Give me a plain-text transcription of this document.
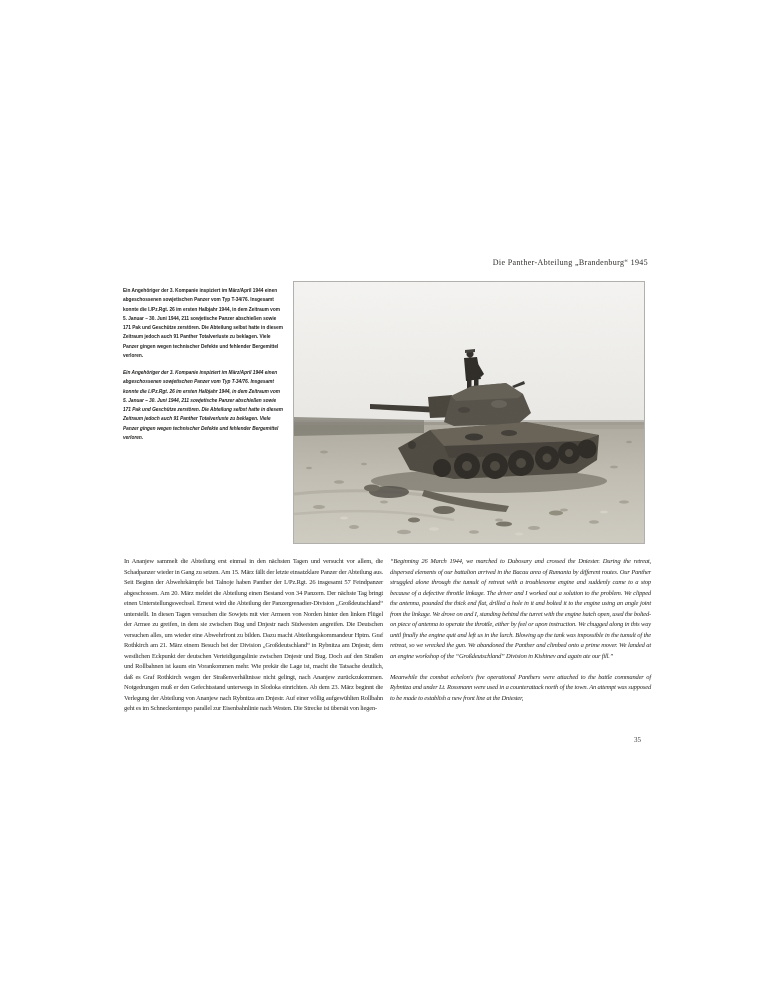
Die Panther-Abteilung „Brandenburg“ 1945
Ein Angehöriger der 3. Kompanie inspiziert im März/April 1944 einen abgeschossenen sowjetischen Panzer vom Typ T-34/76. Insgesamt konnte die I./Pz.Rgt. 26 im ersten Halbjahr 1944, in dem Zeitraum vom 5. Januar – 30. Juni 1944, 211 sowjetische Panzer abschießen sowie 171 Pak und Geschütze zerstören. Die Abteilung selbst hatte in diesem Zeitraum jedoch auch 91 Panther Totalverluste zu beklagen. Viele Panzer gingen wegen technischer Defekte und fehlender Bergemittel verloren.
Ein Angehöriger der 3. Kompanie inspiziert im März/April 1944 einen abgeschossenen sowjetischen Panzer vom Typ T-34/76. Insgesamt konnte die I./Pz.Rgt. 26 im ersten Halbjahr 1944, in dem Zeitraum vom 5. Januar – 30. Juni 1944, 211 sowjetische Panzer abschießen sowie 171 Pak und Geschütze zerstören. Die Abteilung selbst hatte in diesem Zeitraum jedoch auch 91 Panther Totalverluste zu beklagen. Viele Panzer gingen wegen technischer Defekte und fehlender Bergemittel verloren.

In Ananjew sammelt die Abteilung erst einmal in den nächsten Tagen und versucht vor allem, die Schadpanzer wieder in Gang zu setzen. Am 15. März fällt der letzte einsatzklare Panzer der Abteilung aus. Seit Beginn der Abwehrkämpfe bei Talnoje haben Panther der I./Pz.Rgt. 26 insgesamt 57 Feindpanzer abgeschossen. Am 20. März meldet die Abteilung einen Bestand von 34 Panzern. Der nächste Tag bringt einen Unterstellungswechsel. Erneut wird die Abteilung der Panzergrenadier-Division „Großdeutschland“ unterstellt. In diesen Tagen versuchen die Sowjets mit vier Armeen von Norden hinter den linken Flügel der Armee zu greifen, in dem sie zwischen Bug und Dnjestr nach Südwesten angreifen. Die Deutschen versuchen alles, um wieder eine Abwehrfront zu bilden. Dazu macht Abteilungskommandeur Hptm. Graf Rothkirch am 21. März einem Besuch bei der Division „Großdeutschland“ in Rybnitza am Dnjestr, dem westlichen Eckpunkt der deutschen Verteidigungslinie zwischen Dnjestr und Bug. Doch auf den Straßen und Rollbahnen ist kaum ein Vorankommen mehr. Wie prekär die Lage ist, macht die Tatsache deutlich, daß es Graf Rothkirch wegen der Straßenverhältnisse nicht gelingt, nach Ananjew zurückzukommen. Notgedrungen muß er den Gefechtsstand unterwegs in Slodoka einrichten. Ab dem 23. März beginnt die Verlegung der Abteilung von Ananjew nach Rybnitza am Dnjestr. Auf einer völlig aufgewühlten Rollbahn geht es im Schneckentempo parallel zur Eisenbahnlinie nach Westen. Die Strecke ist übersät von liegen-

“Beginning 26 March 1944, we marched to Dubosary and crossed the Dniester. During the retreat, dispersed elements of our battalion arrived in the Bacau area of Rumania by different routes. Our Panther struggled alone through the tumult of retreat with a troublesome engine and suddenly came to a stop because of a defective throttle linkage. The driver and I worked out a solution to the problem. We clipped the antenna, pounded the thick end flat, drilled a hole in it and bolted it to the engine using an angle joint from the linkage. We drove on and I, standing behind the turret with the engine hatch open, used the bolted-on piece of antenna to operate the throttle, either by feel or upon instruction. We chugged along in this way until finally the engine quit and left us in the lurch. Blowing up the tank was impossible in the tumult of the retreat, so we wrecked the gun. We abandoned the Panther and climbed onto a prime mover. We landed at an engine workshop of the “Großdeutschland” Division in Kishinev and again ate our fill.”

Meanwhile the combat echelon's five operational Panthers were attached to the battle commander of Rybnitza and under Lt. Rossmann were used in a counterattack north of the town. An attempt was supposed to be made to establish a new front line at the Dniester,

35
